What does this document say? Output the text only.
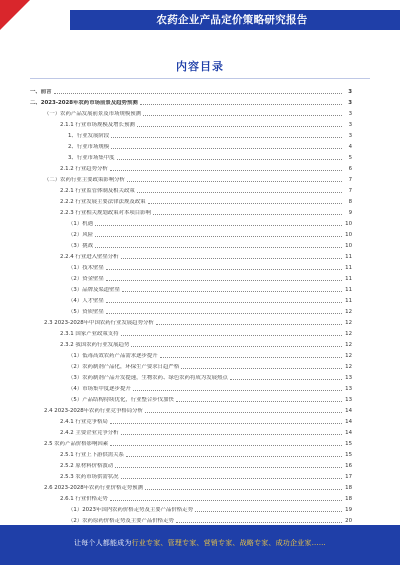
农药企业产品定价策略研究报告
内容目录
一、前言	3
二、2023-2028年农药市场前景及趋势预测	3
（一）农药产品发展前景及市场规模预测	3
2.1.1 行业市场规模及增长预测	3
1、行业发展阶段	3
2、行业市场规模	4
3、行业市场集中度	5
2.1.2 行业趋势分析	6
（二）农药行业主要政策影响分析	7
2.2.1 行业监管体制及相关政策	7
2.2.2 行业发展主要法律法规及政策	8
2.2.3 行业相关规划政策对本项目影响	9
（1）机遇	10
（2）风险	10
（3）挑战	10
2.2.4 行业进入壁垒分析	11
（1）技术壁垒	11
（2）资金壁垒	11
（3）品牌及渠道壁垒	11
（4）人才壁垒	11
（5）资质壁垒	12
2.3 2023-2028年中国农药行业发展趋势分析	12
2.3.1 国家产业政策支持	12
2.3.2 我国农药行业发展趋势	12
（1）低毒高效农药产品需求逐步提升	12
（2）农药制剂产品化，环保生产要求日趋严格	12
（3）农药制剂产品开发提速，生物农药、绿色农药将成为发展热点	13
（4）市场集中度逐步提升	13
（5）产品结构持续优化，行业整合步伐加快	13
2.4 2023-2028年农药行业竞争格局分析	14
2.4.1 行业竞争格局	14
2.4.2 主要企业竞争分析	14
2.5 农药产品价格影响因素	15
2.5.1 行业上下游供需关系	15
2.5.2 原材料价格波动	16
2.5.3 农药市场供需状况	17
2.6 2023-2028年农药行业价格走势预测	18
2.6.1 行业价格走势	18
（1）2023年国内农药价格走势及主要产品价格走势	19
（2）农药原药价格走势及主要产品价格走势	20
让每个人都能成为行业专家、管理专家、营销专家、战略专家、成功企业家……
